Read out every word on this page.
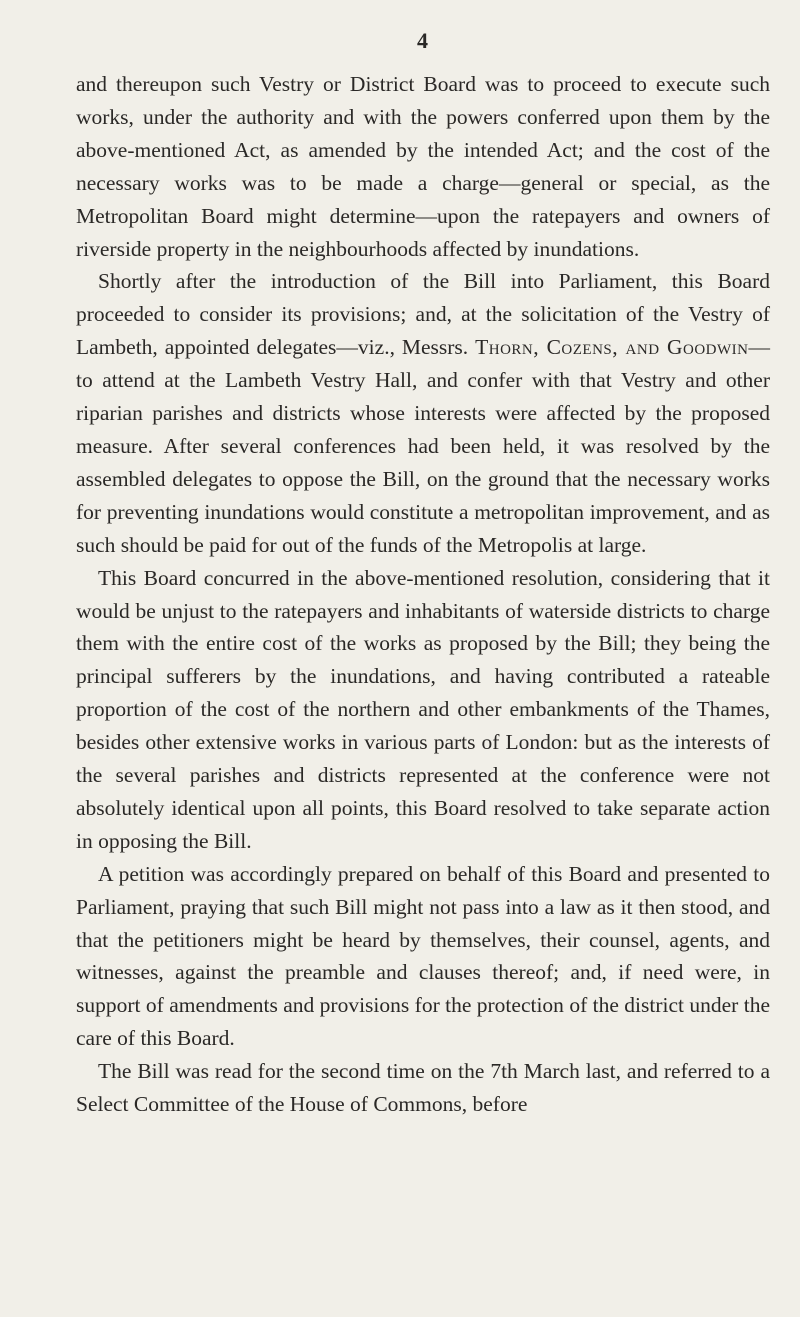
4

and thereupon such Vestry or District Board was to proceed to execute such works, under the authority and with the powers conferred upon them by the above-mentioned Act, as amended by the intended Act; and the cost of the necessary works was to be made a charge—general or special, as the Metropolitan Board might determine—upon the ratepayers and owners of riverside property in the neighbourhoods affected by inundations.

Shortly after the introduction of the Bill into Parliament, this Board proceeded to consider its provisions; and, at the solicitation of the Vestry of Lambeth, appointed delegates—viz., Messrs. Thorn, Cozens, and Goodwin—to attend at the Lambeth Vestry Hall, and confer with that Vestry and other riparian parishes and districts whose interests were affected by the proposed measure. After several conferences had been held, it was resolved by the assembled delegates to oppose the Bill, on the ground that the necessary works for preventing inundations would constitute a metropolitan improvement, and as such should be paid for out of the funds of the Metropolis at large.

This Board concurred in the above-mentioned resolution, considering that it would be unjust to the ratepayers and inhabitants of waterside districts to charge them with the entire cost of the works as proposed by the Bill; they being the principal sufferers by the inundations, and having contributed a rateable proportion of the cost of the northern and other embankments of the Thames, besides other extensive works in various parts of London: but as the interests of the several parishes and districts represented at the conference were not absolutely identical upon all points, this Board resolved to take separate action in opposing the Bill.

A petition was accordingly prepared on behalf of this Board and presented to Parliament, praying that such Bill might not pass into a law as it then stood, and that the petitioners might be heard by themselves, their counsel, agents, and witnesses, against the preamble and clauses thereof; and, if need were, in support of amendments and provisions for the protection of the district under the care of this Board.

The Bill was read for the second time on the 7th March last, and referred to a Select Committee of the House of Commons, before
